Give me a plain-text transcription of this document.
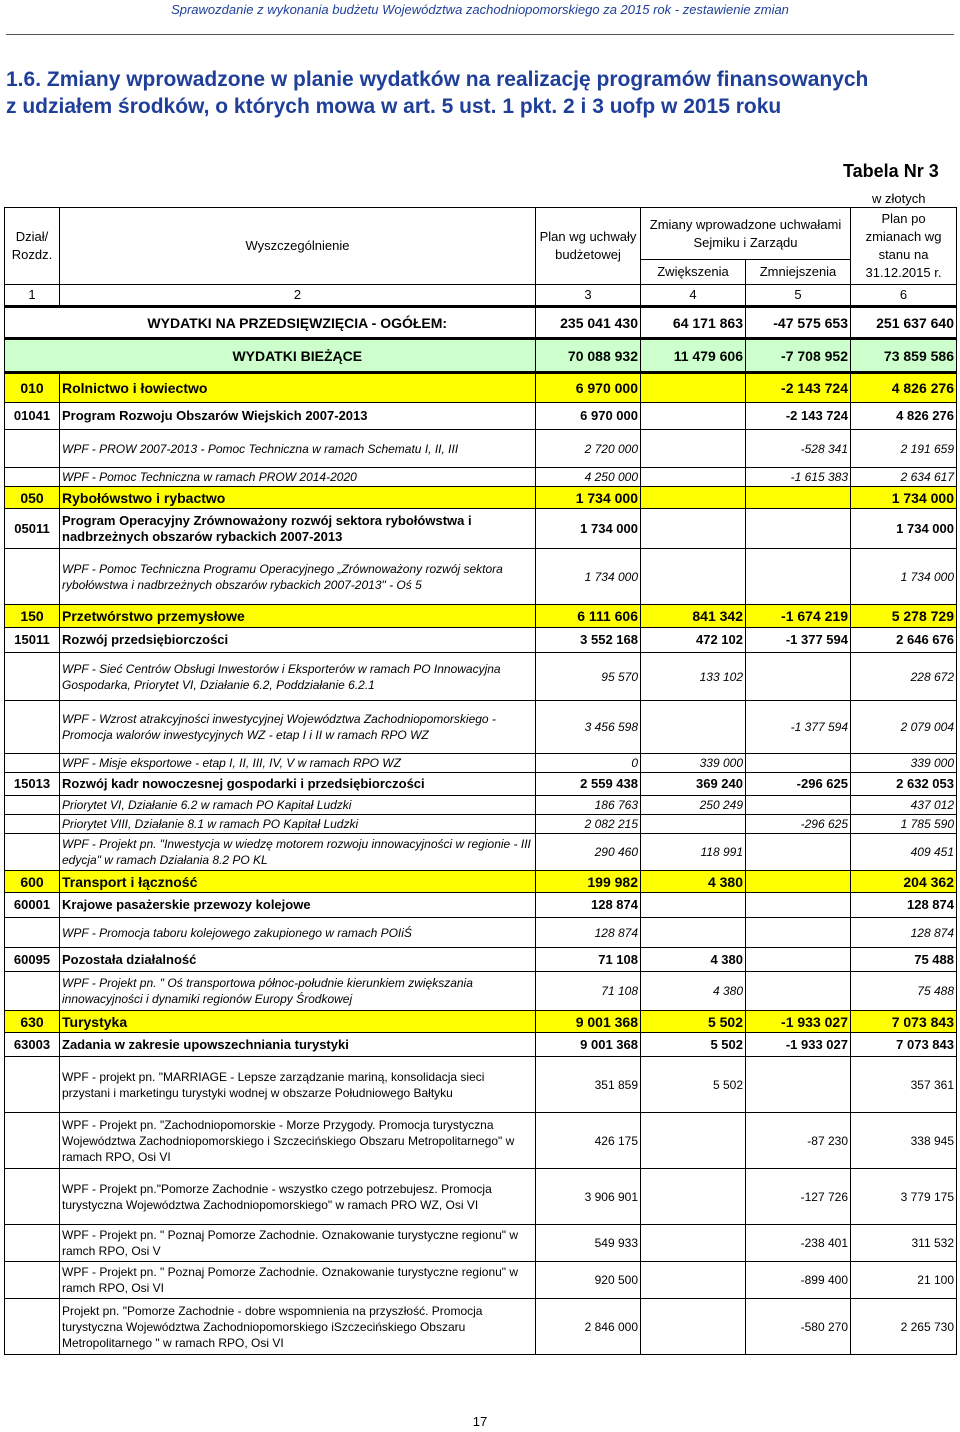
Sprawozdanie z wykonania budżetu Województwa zachodniopomorskiego za 2015 rok - zestawienie zmian
1.6. Zmiany wprowadzone w planie wydatków na realizację programów finansowanych
z udziałem środków, o których mowa w art. 5 ust. 1 pkt. 2 i 3 uofp w 2015 roku
Tabela Nr 3
w złotych
Dział/ Rozdz.	Wyszczególnienie	Plan wg uchwały budżetowej	Zmiany wprowadzone uchwałami Sejmiku i Zarządu		Plan po zmianach wg stanu na 31.12.2015 r.
			Zwiększenia	Zmniejszenia	
1	2	3	4	5	6
	WYDATKI NA PRZEDSIĘWZIĘCIA - OGÓŁEM:	235 041 430	64 171 863	-47 575 653	251 637 640
	WYDATKI BIEŻĄCE	70 088 932	11 479 606	-7 708 952	73 859 586
010	Rolnictwo i łowiectwo	6 970 000		-2 143 724	4 826 276
01041	Program Rozwoju Obszarów Wiejskich 2007-2013	6 970 000		-2 143 724	4 826 276
	WPF - PROW 2007-2013 - Pomoc Techniczna w ramach Schematu I, II, III	2 720 000		-528 341	2 191 659
	WPF - Pomoc Techniczna w ramach PROW 2014-2020	4 250 000		-1 615 383	2 634 617
050	Rybołówstwo i rybactwo	1 734 000			1 734 000
05011	Program Operacyjny Zrównoważony rozwój sektora rybołówstwa i nadbrzeżnych obszarów rybackich 2007-2013	1 734 000			1 734 000
	WPF - Pomoc Techniczna Programu Operacyjnego „Zrównoważony rozwój sektora rybołówstwa i nadbrzeżnych obszarów rybackich 2007-2013" - Oś 5	1 734 000			1 734 000
150	Przetwórstwo przemysłowe	6 111 606	841 342	-1 674 219	5 278 729
15011	Rozwój przedsiębiorczości	3 552 168	472 102	-1 377 594	2 646 676
	WPF - Sieć Centrów Obsługi Inwestorów i Eksporterów w ramach PO Innowacyjna Gospodarka, Priorytet VI, Działanie 6.2, Poddziałanie 6.2.1	95 570	133 102		228 672
	WPF - Wzrost atrakcyjności inwestycyjnej Województwa Zachodniopomorskiego - Promocja walorów inwestycyjnych WZ - etap I i II w ramach RPO WZ	3 456 598		-1 377 594	2 079 004
	WPF - Misje eksportowe - etap I, II, III, IV, V w ramach RPO WZ	0	339 000		339 000
15013	Rozwój kadr nowoczesnej gospodarki i przedsiębiorczości	2 559 438	369 240	-296 625	2 632 053
	Priorytet VI, Działanie 6.2 w ramach PO Kapitał Ludzki	186 763	250 249		437 012
	Priorytet VIII, Działanie 8.1 w ramach PO Kapitał Ludzki	2 082 215		-296 625	1 785 590
	WPF - Projekt pn. "Inwestycja w wiedzę motorem rozwoju innowacyjności w regionie - III edycja" w ramach Działania 8.2 PO KL	290 460	118 991		409 451
600	Transport i łączność	199 982	4 380		204 362
60001	Krajowe pasażerskie przewozy kolejowe	128 874			128 874
	WPF - Promocja taboru kolejowego zakupionego w ramach POIiŚ	128 874			128 874
60095	Pozostała działalność	71 108	4 380		75 488
	WPF - Projekt pn. " Oś transportowa północ-południe kierunkiem zwiększania innowacyjności i dynamiki regionów Europy Środkowej	71 108	4 380		75 488
630	Turystyka	9 001 368	5 502	-1 933 027	7 073 843
63003	Zadania w zakresie upowszechniania turystyki	9 001 368	5 502	-1 933 027	7 073 843
	WPF - projekt pn. "MARRIAGE - Lepsze zarządzanie mariną, konsolidacja sieci przystani i marketingu turystyki wodnej w obszarze Południowego Bałtyku	351 859	5 502		357 361
	WPF - Projekt pn. "Zachodniopomorskie - Morze Przygody. Promocja turystyczna Województwa Zachodniopomorskiego i Szczecińskiego Obszaru Metropolitarnego" w ramach RPO, Osi VI	426 175		-87 230	338 945
	WPF - Projekt pn."Pomorze Zachodnie - wszystko czego potrzebujesz. Promocja turystyczna Województwa Zachodniopomorskiego" w ramach PRO WZ, Osi VI	3 906 901		-127 726	3 779 175
	WPF - Projekt pn. " Poznaj Pomorze Zachodnie. Oznakowanie turystyczne regionu" w ramch RPO, Osi V	549 933		-238 401	311 532
	WPF - Projekt pn. " Poznaj Pomorze Zachodnie. Oznakowanie turystyczne regionu" w ramch RPO, Osi VI	920 500		-899 400	21 100
	Projekt pn. "Pomorze Zachodnie - dobre wspomnienia na przyszłość. Promocja turystyczna Województwa Zachodniopomorskiego iSzczecińskiego Obszaru Metropolitarnego " w ramach RPO, Osi VI	2 846 000		-580 270	2 265 730
17
